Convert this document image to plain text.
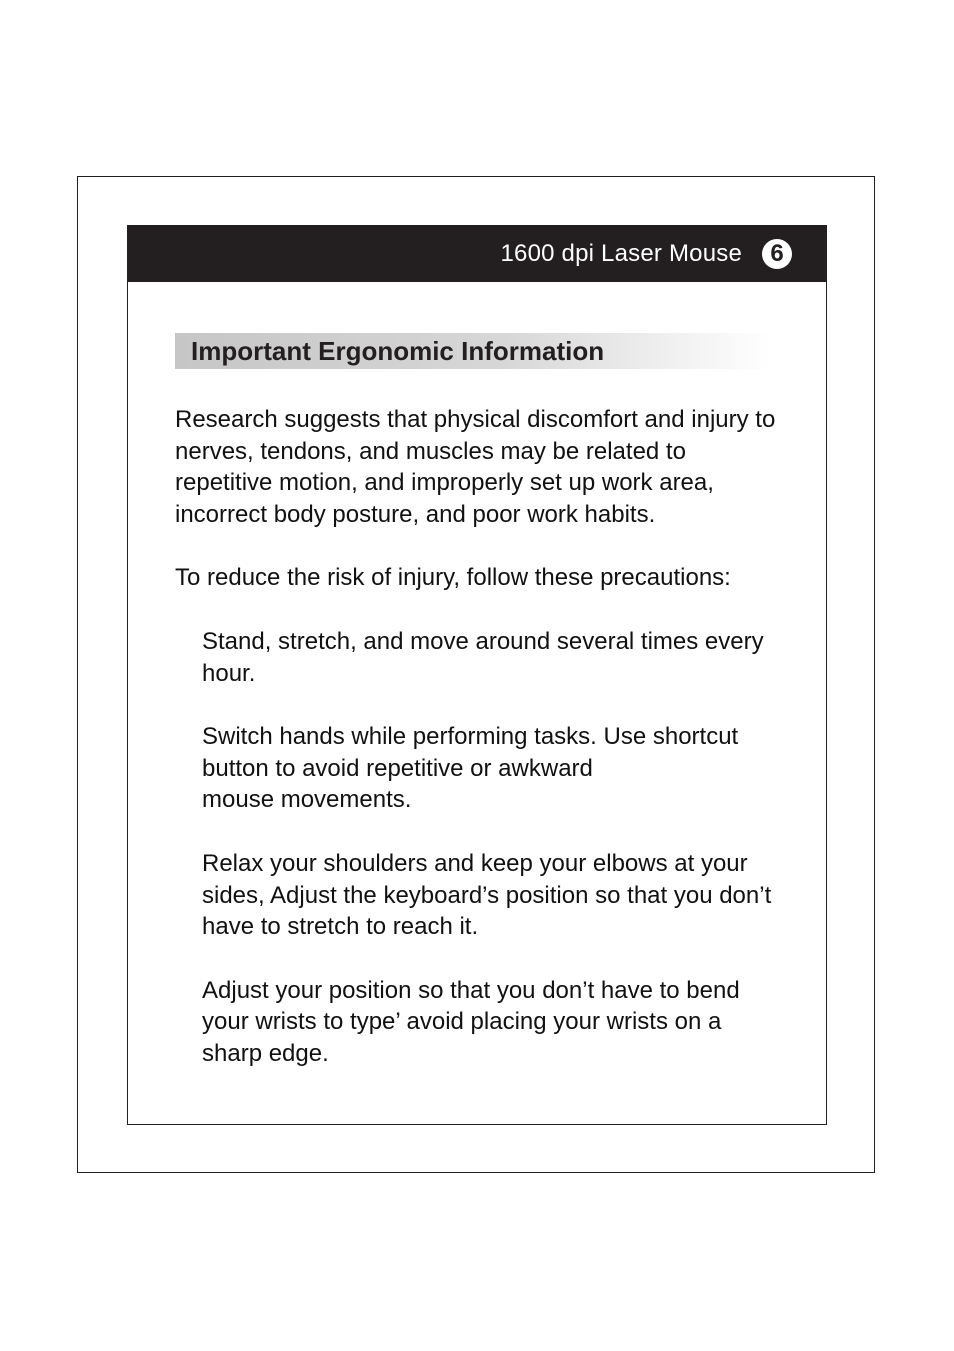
1600 dpi Laser Mouse	6
Important Ergonomic Information

Research suggests that physical discomfort and injury to nerves, tendons, and muscles may be related to repetitive motion, and improperly set up work area, incorrect body posture, and poor work habits.

To reduce the risk of injury, follow these precautions:

Stand, stretch, and move around several times every hour.
Switch hands while performing tasks. Use shortcut button to avoid repetitive or awkward
mouse movements.
Relax your shoulders and keep your elbows at your sides, Adjust the keyboard’s position so that you don’t have to stretch to reach it.
Adjust your position so that you don’t have to bend your wrists to type’ avoid placing your wrists on a sharp edge.
